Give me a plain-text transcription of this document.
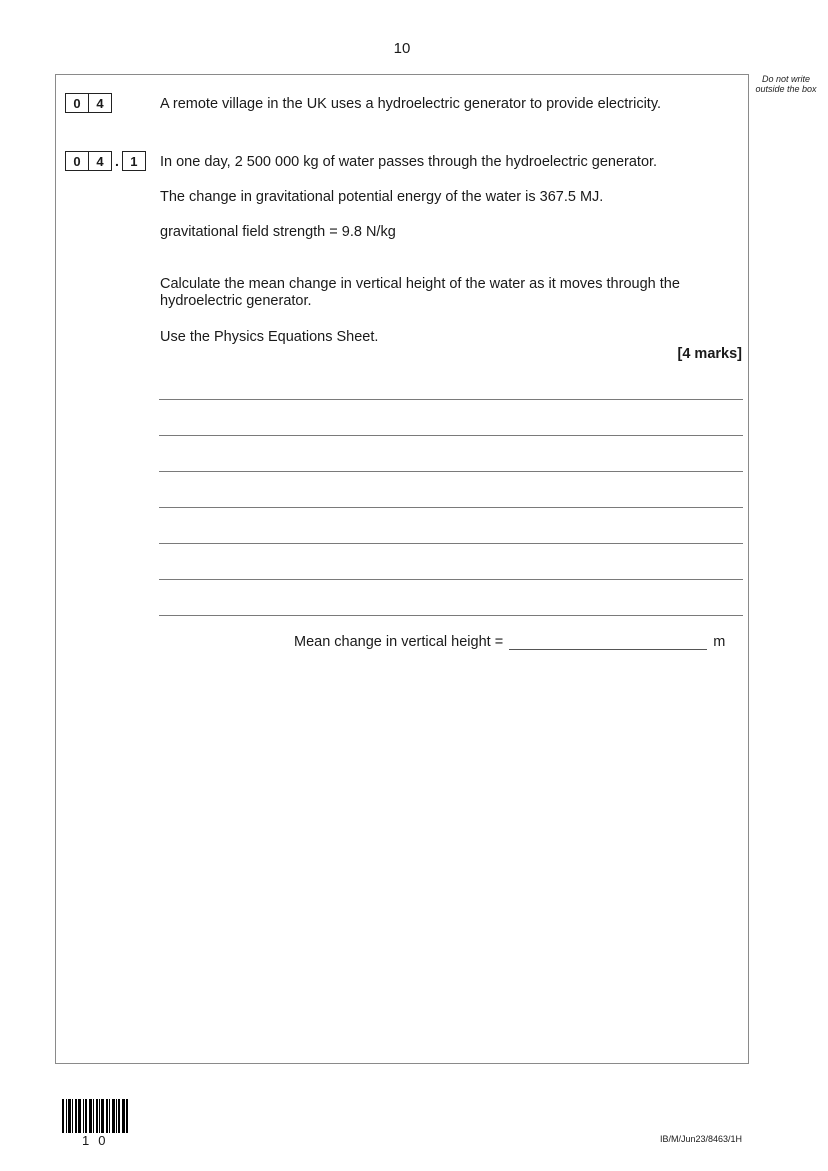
10
Do not write outside the box
0	4	A remote village in the UK uses a hydroelectric generator to provide electricity.
0	4 . 1	In one day, 2 500 000 kg of water passes through the hydroelectric generator.
The change in gravitational potential energy of the water is 367.5 MJ.
gravitational field strength = 9.8 N/kg
Calculate the mean change in vertical height of the water as it moves through the hydroelectric generator.
Use the Physics Equations Sheet.
[4 marks]
Mean change in vertical height =	m
10	IB/M/Jun23/8463/1H
